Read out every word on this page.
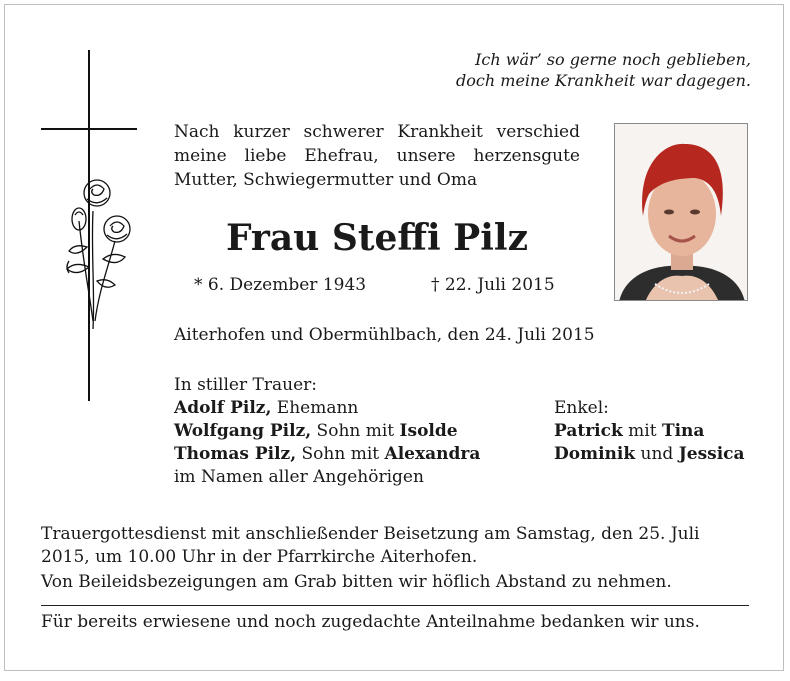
Ich wär’ so gerne noch geblieben,
doch meine Krankheit war dagegen.
Nach kurzer schwerer Krankheit verschied
meine liebe Ehefrau, unsere herzensgute
Mutter, Schwiegermutter und Oma
Frau Steffi Pilz
* 6. Dezember 1943	† 22. Juli 2015
Aiterhofen und Obermühlbach, den 24. Juli 2015
In stiller Trauer:
Adolf Pilz, Ehemann
Wolfgang Pilz, Sohn mit Isolde
Thomas Pilz, Sohn mit Alexandra
im Namen aller Angehörigen
Enkel:
Patrick mit Tina
Dominik und Jessica
Trauergottesdienst mit anschließender Beisetzung am Samstag, den 25. Juli
2015, um 10.00 Uhr in der Pfarrkirche Aiterhofen.
Von Beileidsbezeigungen am Grab bitten wir höflich Abstand zu nehmen.
Für bereits erwiesene und noch zugedachte Anteilnahme bedanken wir uns.
